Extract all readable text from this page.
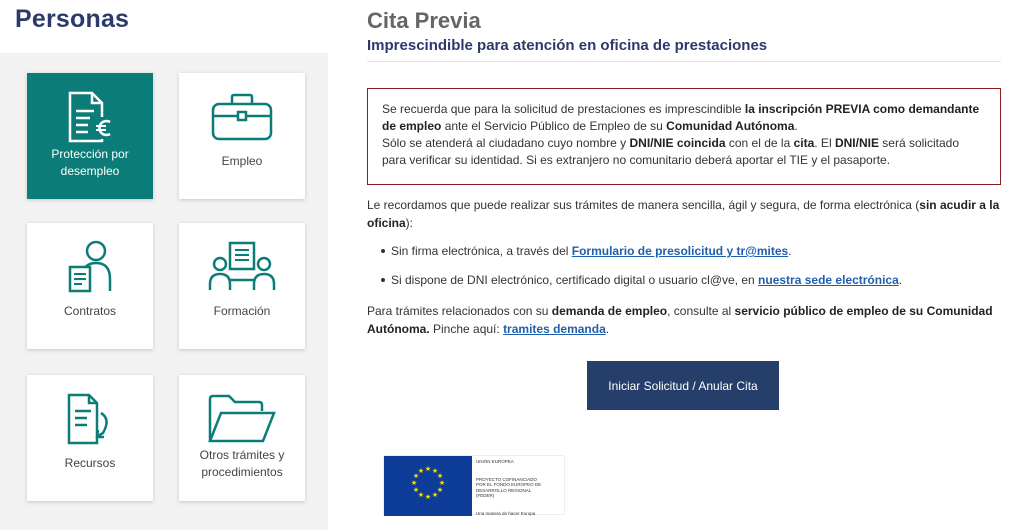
Personas
Protección por desempleo
Empleo
Contratos	Formación
Recursos
Otros trámites y procedimientos
Cita Previa
Imprescindible para atención en oficina de prestaciones
Se recuerda que para la solicitud de prestaciones es imprescindible la inscripción PREVIA como demandante de empleo ante el Servicio Público de Empleo de su Comunidad Autónoma.
Sólo se atenderá al ciudadano cuyo nombre y DNI/NIE coincida con el de la cita. El DNI/NIE será solicitado para verificar su identidad. Si es extranjero no comunitario deberá aportar el TIE y el pasaporte.
Le recordamos que puede realizar sus trámites de manera sencilla, ágil y segura, de forma electrónica (sin acudir a la oficina):
Sin firma electrónica, a través del Formulario de presolicitud y tr@mites.
Si dispone de DNI electrónico, certificado digital o usuario cl@ve, en nuestra sede electrónica.
Para trámites relacionados con su demanda de empleo, consulte al servicio público de empleo de su Comunidad Autónoma. Pinche aquí: tramites demanda.
Iniciar Solicitud / Anular Cita
★ ★
★
★
★
★
★
★
★
★
★
★
UNIÓN EUROPEA
PROYECTO COFINANCIADO
POR EL FONDO EUROPEO DE
DESARROLLO REGIONAL
(FEDER)
Una manera de hacer Europa
